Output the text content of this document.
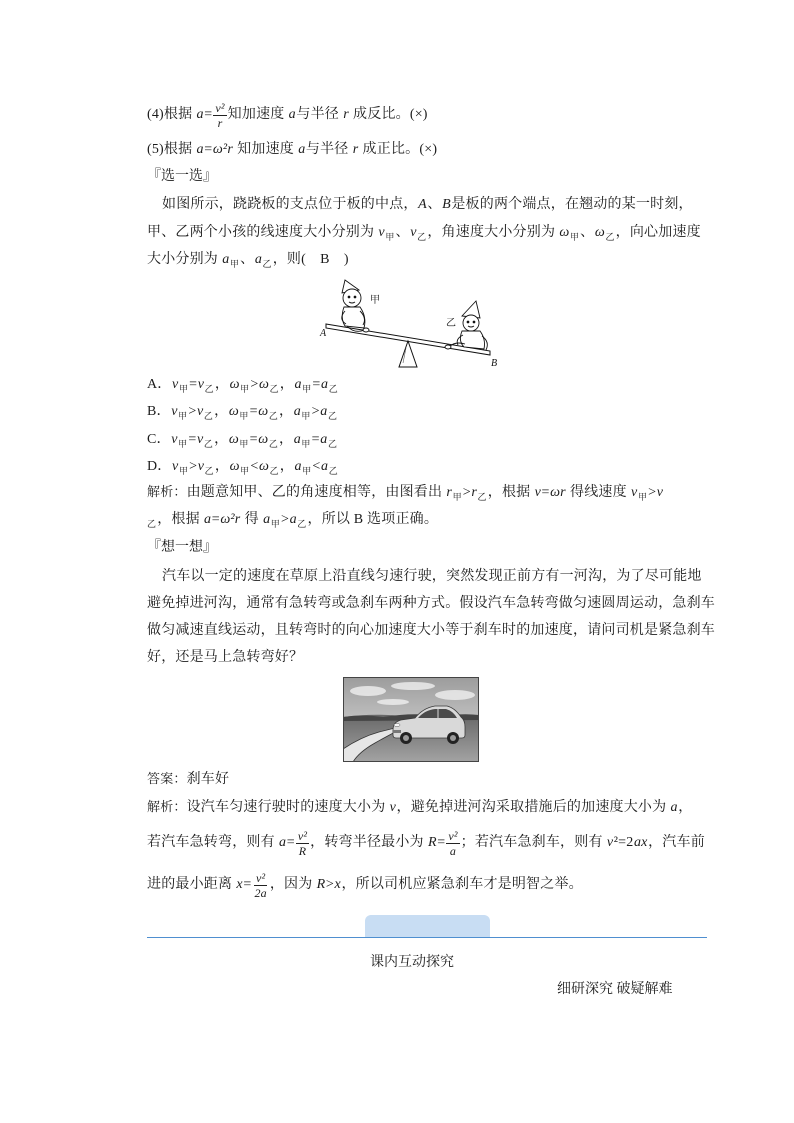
(4)根据 $a = \frac{\text{v²}}{r}$ 知加速度 a 与半径 r 成反比。(×)
(5)根据 a = ω²r 知加速度 a 与半径 r 成正比。(×)
『选一选』
如图所示，跷跷板的支点位于板的中点， A 、 B 是板的两个端点，在翘动的某一时刻，
甲、乙两个小孩的线速度大小分别为 v 甲 、 v 乙 ，角速度大小分别为 ω 甲 、 ω 乙 ，向心加速度
大小分别为 a 甲 、 a 乙 ，则(　B　)
甲
乙
A
B
A． v 甲 = v 乙 ， ω 甲 > ω 乙 ， a 甲 = a 乙
B． v 甲 > v 乙 ， ω 甲 = ω 乙 ， a 甲 > a 乙
C． v 甲 = v 乙 ， ω 甲 = ω 乙 ， a 甲 = a 乙
D． v 甲 > v 乙 ， ω 甲 < ω 乙 ， a 甲 < a 乙
解析： 由题意知甲、乙的角速度相等，由图看出 r 甲 > r 乙 ，根据 v = ωr 得线速度 v 甲 > v
乙 ，根据 a = ω²r 得 a 甲 > a 乙 ，所以 B 选项正确。
『想一想』
汽车以一定的速度在草原上沿直线匀速行驶，突然发现正前方有一河沟，为了尽可能地
避免掉进河沟，通常有急转弯或急刹车两种方式。假设汽车急转弯做匀速圆周运动，急刹车
做匀减速直线运动，且转弯时的向心加速度大小等于刹车时的加速度，请问司机是紧急刹车
好，还是马上急转弯好？
答案： 刹车好
解析： 设汽车匀速行驶时的速度大小为 v ，避免掉进河沟采取措施后的加速度大小为 a ，
若汽车急转弯，则有 $a = \frac{\text{v²}}{R}$ ，转弯半径最小为 $R = \frac{\text{v²}}{a}$ ；若汽车急刹车，则有 v ²=2 ax ，汽车前
进的最小距离 $x = \frac{\text{v²}}{2a}$ ，因为 R > x ，所以司机应紧急刹车才是明智之举。
课内互动探究
细研深究 破疑解难
